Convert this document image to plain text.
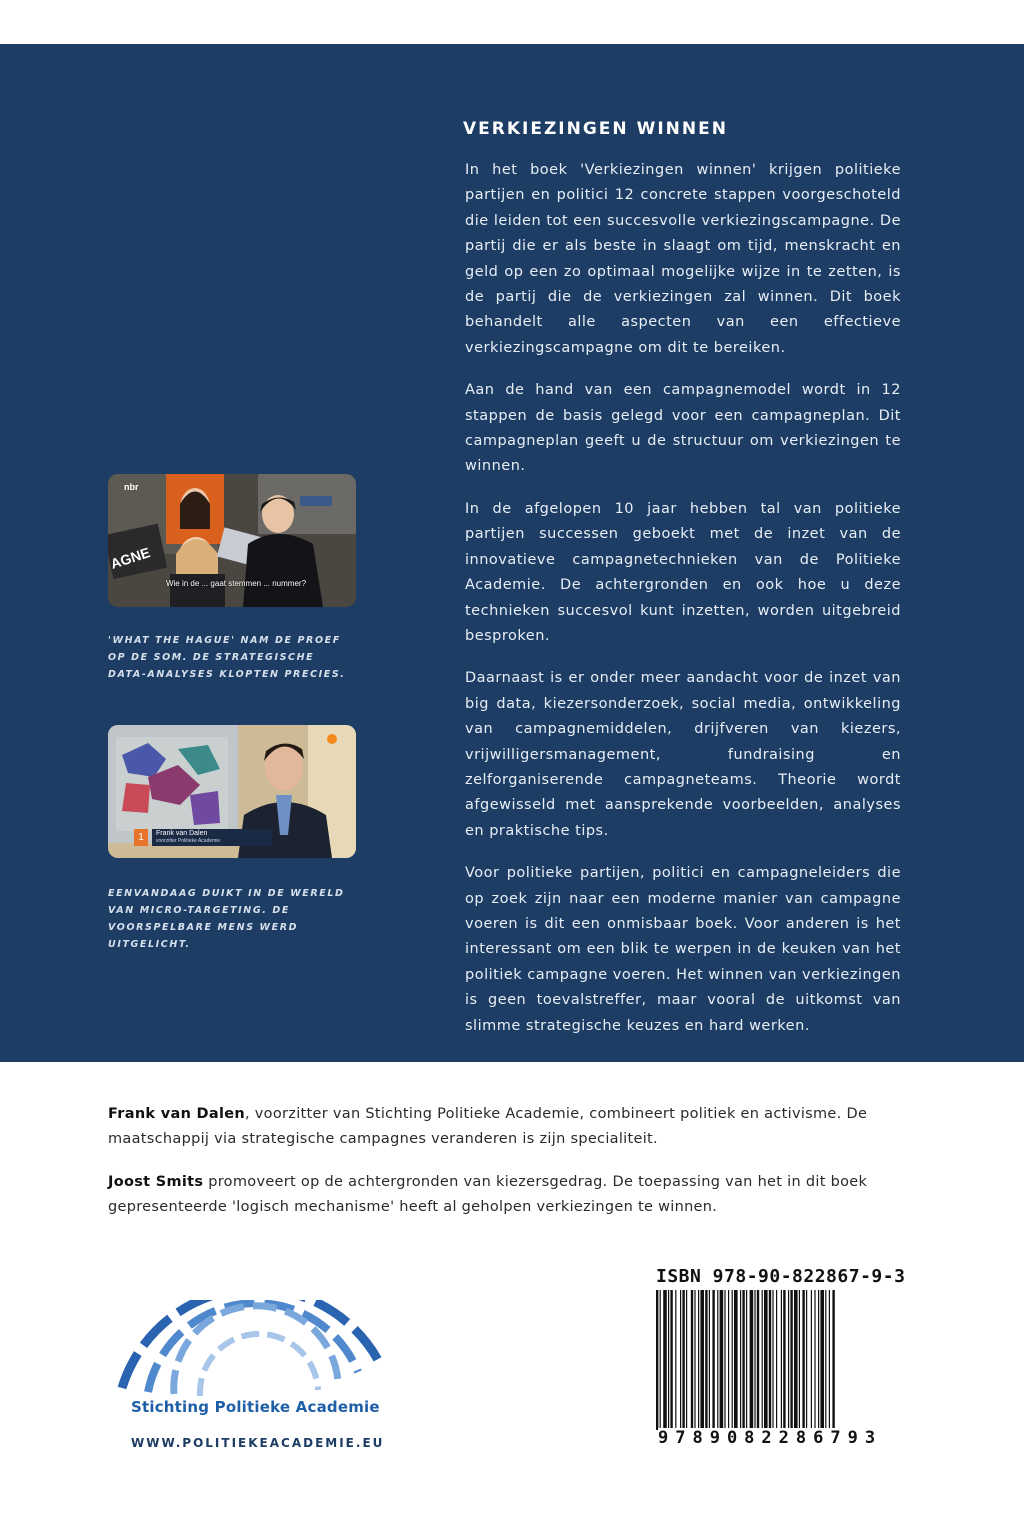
VERKIEZINGEN WINNEN

In het boek 'Verkiezingen winnen' krijgen politieke partijen en politici 12 concrete stappen voorgeschoteld die leiden tot een succesvolle verkiezingscampagne. De partij die er als beste in slaagt om tijd, menskracht en geld op een zo optimaal mogelijke wijze in te zetten, is de partij die de verkiezingen zal winnen. Dit boek behandelt alle aspecten van een effectieve verkiezingscampagne om dit te bereiken.

Aan de hand van een campagnemodel wordt in 12 stappen de basis gelegd voor een campagneplan. Dit campagneplan geeft u de structuur om verkiezingen te winnen.

In de afgelopen 10 jaar hebben tal van politieke partijen successen geboekt met de inzet van de innovatieve campagnetechnieken van de Politieke Academie. De achtergronden en ook hoe u deze technieken succesvol kunt inzetten, worden uitgebreid besproken.

Daarnaast is er onder meer aandacht voor de inzet van big data, kiezersonderzoek, social media, ontwikkeling van campagnemiddelen, drijfveren van kiezers, vrijwilligersmanagement, fundraising en zelforganiserende campagneteams. Theorie wordt afgewisseld met aansprekende voorbeelden, analyses en praktische tips.

Voor politieke partijen, politici en campagneleiders die op zoek zijn naar een moderne manier van campagne voeren is dit een onmisbaar boek. Voor anderen is het interessant om een blik te werpen in de keuken van het politiek campagne voeren. Het winnen van verkiezingen is geen toevalstreffer, maar vooral de uitkomst van slimme strategische keuzes en hard werken.

nbr
AGNE
Wie in de ... gaat stemmen ... nummer?

'WHAT THE HAGUE' NAM DE PROEF OP DE SOM. DE STRATEGISCHE DATA-ANALYSES KLOPTEN PRECIES.

1	Frank van Dalen
voorzitter Politieke Academie

EENVANDAAG DUIKT IN DE WERELD VAN MICRO-TARGETING. DE VOORSPELBARE MENS WERD UITGELICHT.

Frank van Dalen, voorzitter van Stichting Politieke Academie, combineert politiek en activisme. De maatschappij via strategische campagnes veranderen is zijn specialiteit.

Joost Smits promoveert op de achtergronden van kiezersgedrag. De toepassing van het in dit boek gepresenteerde 'logisch mechanisme' heeft al geholpen verkiezingen te winnen.

Stichting Politieke Academie
WWW.POLITIEKEACADEMIE.EU
ISBN 978-90-822867-9-3
9789082286793
